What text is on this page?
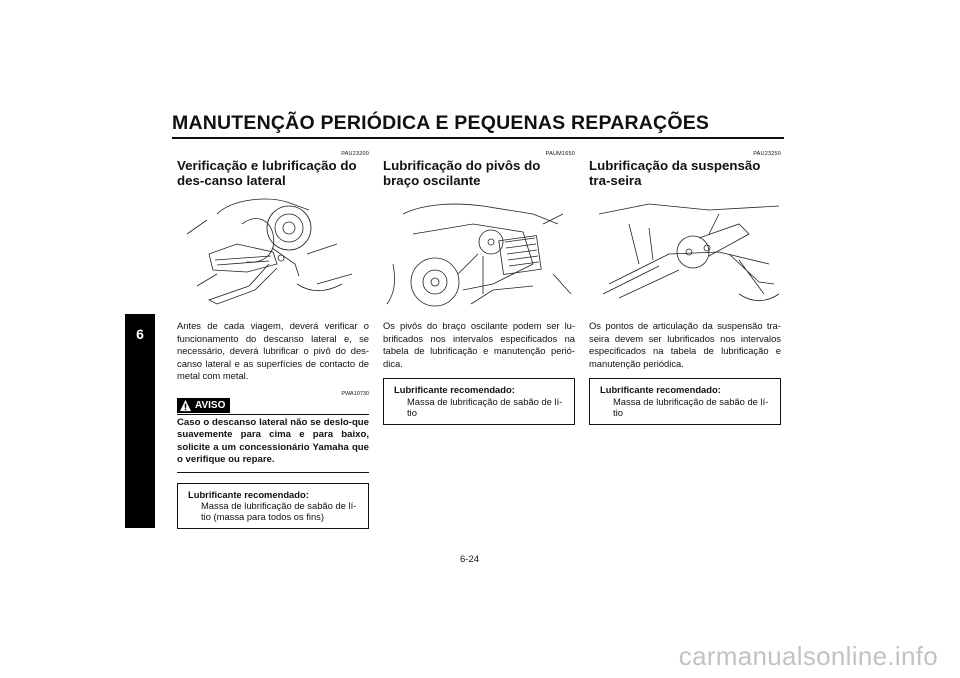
MANUTENÇÃO PERIÓDICA E PEQUENAS REPARAÇÕES
6
PAU23200
Verificação e lubrificação do des-canso lateral
Antes de cada viagem, deverá verificar o funcionamento do descanso lateral e, se necessário, deverá lubrificar o pivô do des-canso lateral e as superfícies de contacto de metal com metal.
PWA10730
AVISO
Caso o descanso lateral não se deslo-que suavemente para cima e para baixo, solicite a um concessionário Yamaha que o verifique ou repare.
Lubrificante recomendado:
Massa de lubrificação de sabão de lí-tio (massa para todos os fins)
PAUM1650
Lubrificação do pivôs do braço oscilante
Os pivôs do braço oscilante podem ser lu-brificados nos intervalos especificados na tabela de lubrificação e manutenção perió-dica.
Lubrificante recomendado:
Massa de lubrificação de sabão de lí-tio
PAU23250
Lubrificação da suspensão tra-seira
Os pontos de articulação da suspensão tra-seira devem ser lubrificados nos intervalos especificados na tabela de lubrificação e manutenção periódica.
Lubrificante recomendado:
Massa de lubrificação de sabão de lí-tio
6-24
carmanualsonline.info
